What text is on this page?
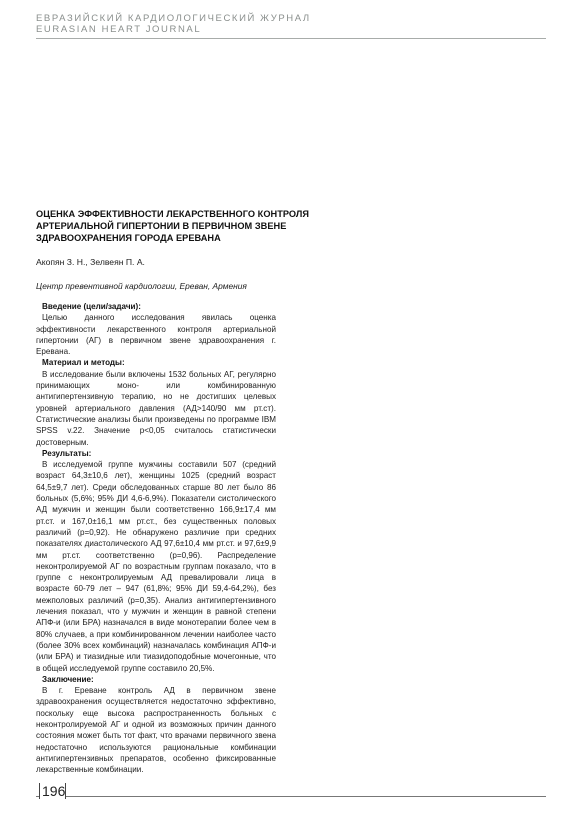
ЕВРАЗИЙСКИЙ КАРДИОЛОГИЧЕСКИЙ ЖУРНАЛ
EURASIAN HEART JOURNAL
ОЦЕНКА ЭФФЕКТИВНОСТИ ЛЕКАРСТВЕННОГО КОНТРОЛЯ
АРТЕРИАЛЬНОЙ ГИПЕРТОНИИ В ПЕРВИЧНОМ ЗВЕНЕ
ЗДРАВООХРАНЕНИЯ ГОРОДА ЕРЕВАНА
Акопян З. Н., Зелвеян П. А.
Центр превентивной кардиологии, Ереван, Армения
Введение (цели/задачи):
Целью данного исследования явилась оценка эффективности лекарственного контроля артериальной гипертонии (АГ) в первичном звене здравоохранения г. Еревана.
Материал и методы:
В исследование были включены 1532 больных АГ, регулярно принимающих моно- или комбинированную антигипертензивную терапию, но не достигших целевых уровней артериального давления (АД>140/90 мм рт.ст). Статистические анализы были произведены по программе IBM SPSS v.22. Значение p<0,05 считалось статистически достоверным.
Результаты:
В исследуемой группе мужчины составили 507 (средний возраст 64,3±10,6 лет), женщины 1025 (средний возраст 64,5±9,7 лет). Среди обследованных старше 80 лет было 86 больных (5,6%; 95% ДИ 4,6-6,9%). Показатели систолического АД мужчин и женщин были соответственно 166,9±17,4 мм рт.ст. и 167,0±16,1 мм рт.ст., без существенных половых различий (p=0,92). Не обнаружено различие при средних показателях диастолического АД 97,6±10,4 мм рт.ст. и 97,6±9,9 мм рт.ст. соответственно (p=0,96). Распределение неконтролируемой АГ по возрастным группам показало, что в группе с неконтролируемым АД превалировали лица в возрасте 60-79 лет – 947 (61,8%; 95% ДИ 59,4-64,2%), без межполовых различий (p=0,35). Анализ антигипертензивного лечения показал, что у мужчин и женщин в равной степени АПФ-и (или БРА) назначался в виде монотерапии более чем в 80% случаев, а при комбинированном лечении наиболее часто (более 30% всех комбинаций) назначалась комбинация АПФ-и (или БРА) и тиазидные или тиазидоподобные мочегонные, что в общей исследуемой группе составило 20,5%.
Заключение:
В г. Ереване контроль АД в первичном звене здравоохранения осуществляется недостаточно эффективно, поскольку еще высока распространенность больных с неконтролируемой АГ и одной из возможных причин данного состояния может быть тот факт, что врачами первичного звена недостаточно используются рациональные комбинации антигипертензивных препаратов, особенно фиксированные лекарственные комбинации.
196
